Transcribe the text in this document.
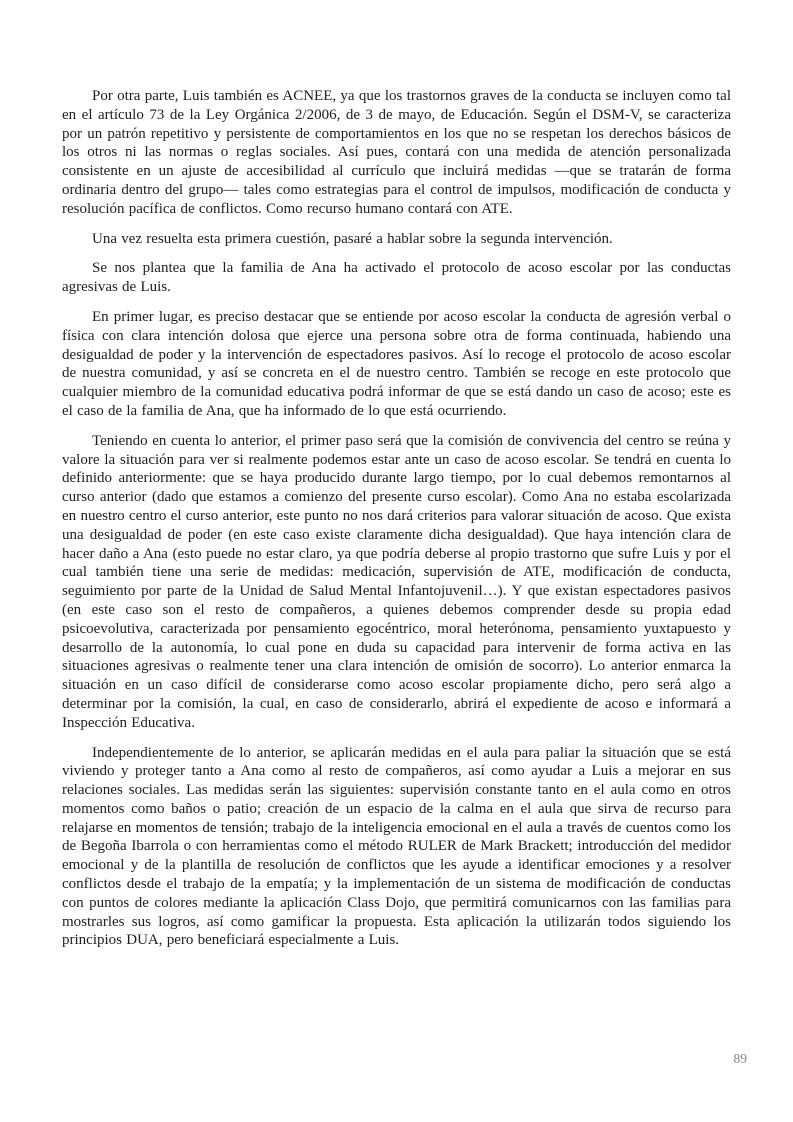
Por otra parte, Luis también es ACNEE, ya que los trastornos graves de la conducta se incluyen como tal en el artículo 73 de la Ley Orgánica 2/2006, de 3 de mayo, de Educación. Según el DSM-V, se caracteriza por un patrón repetitivo y persistente de comportamientos en los que no se respetan los derechos básicos de los otros ni las normas o reglas sociales. Así pues, contará con una medida de atención personalizada consistente en un ajuste de accesibilidad al currículo que incluirá medidas —que se tratarán de forma ordinaria dentro del grupo— tales como estrategias para el control de impulsos, modificación de conducta y resolución pacífica de conflictos. Como recurso humano contará con ATE.

Una vez resuelta esta primera cuestión, pasaré a hablar sobre la segunda intervención.

Se nos plantea que la familia de Ana ha activado el protocolo de acoso escolar por las conductas agresivas de Luis.

En primer lugar, es preciso destacar que se entiende por acoso escolar la conducta de agresión verbal o física con clara intención dolosa que ejerce una persona sobre otra de forma continuada, habiendo una desigualdad de poder y la intervención de espectadores pasivos. Así lo recoge el protocolo de acoso escolar de nuestra comunidad, y así se concreta en el de nuestro centro. También se recoge en este protocolo que cualquier miembro de la comunidad educativa podrá informar de que se está dando un caso de acoso; este es el caso de la familia de Ana, que ha informado de lo que está ocurriendo.

Teniendo en cuenta lo anterior, el primer paso será que la comisión de convivencia del centro se reúna y valore la situación para ver si realmente podemos estar ante un caso de acoso escolar. Se tendrá en cuenta lo definido anteriormente: que se haya producido durante largo tiempo, por lo cual debemos remontarnos al curso anterior (dado que estamos a comienzo del presente curso escolar). Como Ana no estaba escolarizada en nuestro centro el curso anterior, este punto no nos dará criterios para valorar situación de acoso. Que exista una desigualdad de poder (en este caso existe claramente dicha desigualdad). Que haya intención clara de hacer daño a Ana (esto puede no estar claro, ya que podría deberse al propio trastorno que sufre Luis y por el cual también tiene una serie de medidas: medicación, supervisión de ATE, modificación de conducta, seguimiento por parte de la Unidad de Salud Mental Infantojuvenil…). Y que existan espectadores pasivos (en este caso son el resto de compañeros, a quienes debemos comprender desde su propia edad psicoevolutiva, caracterizada por pensamiento egocéntrico, moral heterónoma, pensamiento yuxtapuesto y desarrollo de la autonomía, lo cual pone en duda su capacidad para intervenir de forma activa en las situaciones agresivas o realmente tener una clara intención de omisión de socorro). Lo anterior enmarca la situación en un caso difícil de considerarse como acoso escolar propiamente dicho, pero será algo a determinar por la comisión, la cual, en caso de considerarlo, abrirá el expediente de acoso e informará a Inspección Educativa.

Independientemente de lo anterior, se aplicarán medidas en el aula para paliar la situación que se está viviendo y proteger tanto a Ana como al resto de compañeros, así como ayudar a Luis a mejorar en sus relaciones sociales. Las medidas serán las siguientes: supervisión constante tanto en el aula como en otros momentos como baños o patio; creación de un espacio de la calma en el aula que sirva de recurso para relajarse en momentos de tensión; trabajo de la inteligencia emocional en el aula a través de cuentos como los de Begoña Ibarrola o con herramientas como el método RULER de Mark Brackett; introducción del medidor emocional y de la plantilla de resolución de conflictos que les ayude a identificar emociones y a resolver conflictos desde el trabajo de la empatía; y la implementación de un sistema de modificación de conductas con puntos de colores mediante la aplicación Class Dojo, que permitirá comunicarnos con las familias para mostrarles sus logros, así como gamificar la propuesta. Esta aplicación la utilizarán todos siguiendo los principios DUA, pero beneficiará especialmente a Luis.

89
